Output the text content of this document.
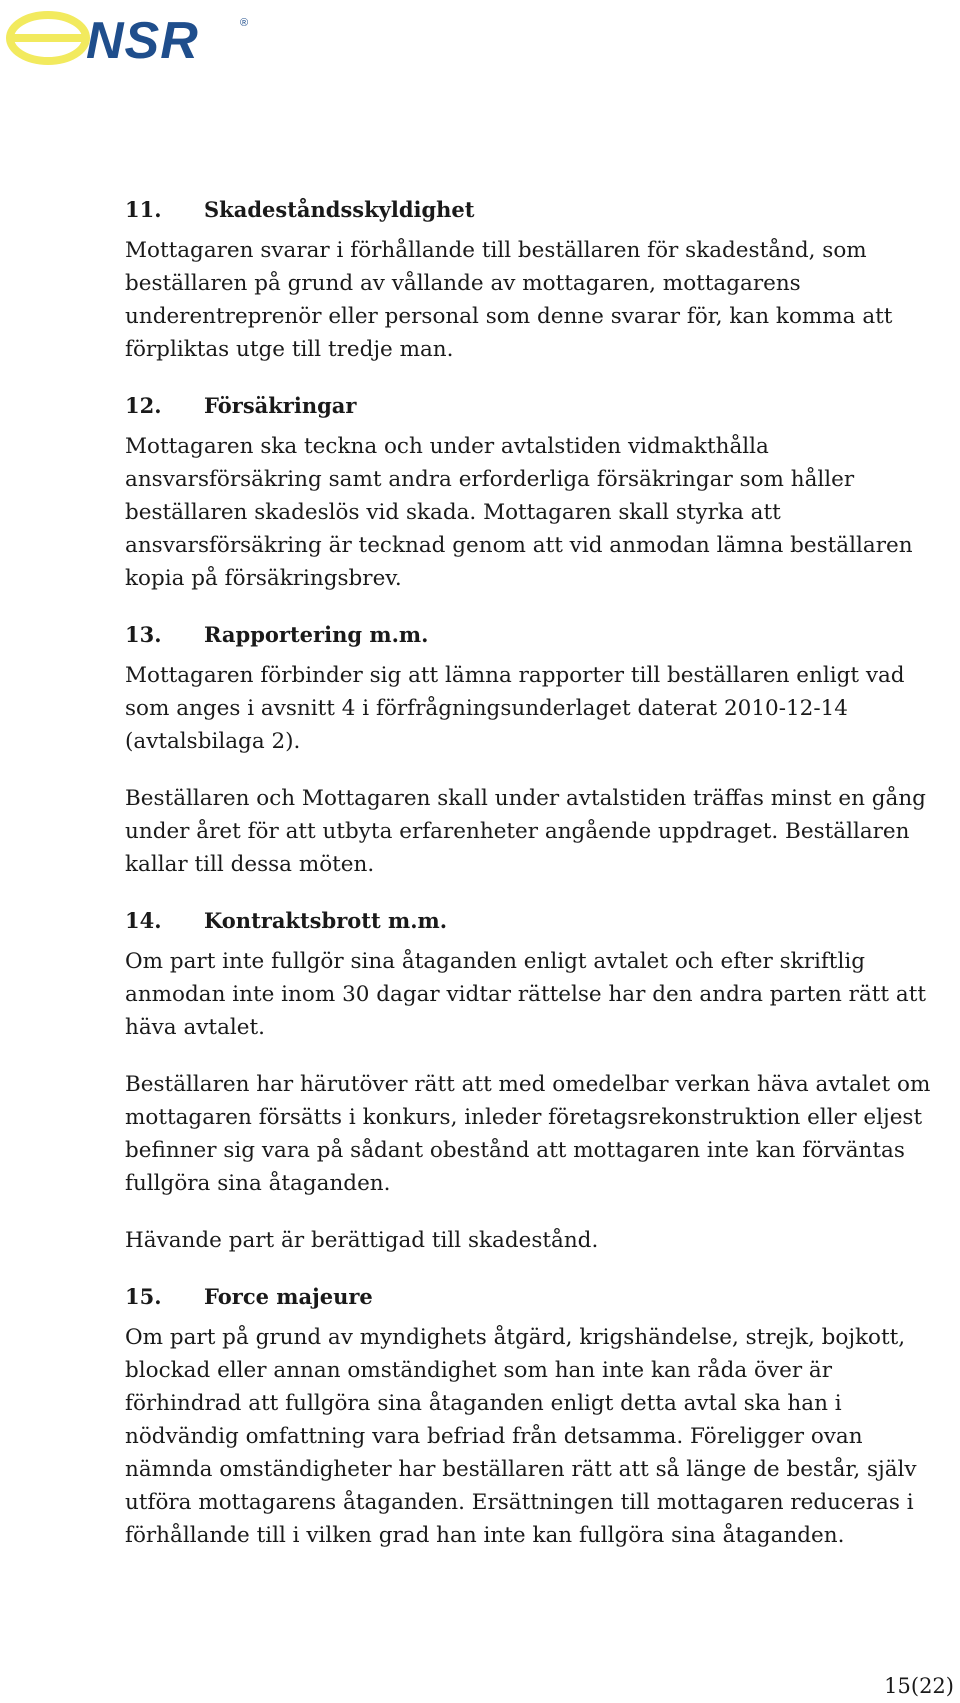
NSR	®
11.	Skadeståndsskyldighet

Mottagaren svarar i förhållande till beställaren för skadestånd, som beställaren på grund av vållande av mottagaren, mottagarens underentreprenör eller personal som denne svarar för, kan komma att förpliktas utge till tredje man.

12.	Försäkringar

Mottagaren ska teckna och under avtalstiden vidmakthålla ansvarsförsäkring samt andra erforderliga försäkringar som håller beställaren skadeslös vid skada. Mottagaren skall styrka att ansvarsförsäkring är tecknad genom att vid anmodan lämna beställaren kopia på försäkringsbrev.

13.	Rapportering m.m.

Mottagaren förbinder sig att lämna rapporter till beställaren enligt vad som anges i avsnitt 4 i förfrågningsunderlaget daterat 2010-12-14 (avtalsbilaga 2).

Beställaren och Mottagaren skall under avtalstiden träffas minst en gång under året för att utbyta erfarenheter angående uppdraget. Beställaren kallar till dessa möten.

14.	Kontraktsbrott m.m.

Om part inte fullgör sina åtaganden enligt avtalet och efter skriftlig anmodan inte inom 30 dagar vidtar rättelse har den andra parten rätt att häva avtalet.

Beställaren har härutöver rätt att med omedelbar verkan häva avtalet om mottagaren försätts i konkurs, inleder företagsrekonstruktion eller eljest befinner sig vara på sådant obestånd att mottagaren inte kan förväntas fullgöra sina åtaganden.

Hävande part är berättigad till skadestånd.

15.	Force majeure

Om part på grund av myndighets åtgärd, krigshändelse, strejk, bojkott, blockad eller annan omständighet som han inte kan råda över är förhindrad att fullgöra sina åtaganden enligt detta avtal ska han i nödvändig omfattning vara befriad från detsamma. Föreligger ovan nämnda omständigheter har beställaren rätt att så länge de består, själv utföra mottagarens åtaganden. Ersättningen till mottagaren reduceras i förhållande till i vilken grad han inte kan fullgöra sina åtaganden.

15(22)
